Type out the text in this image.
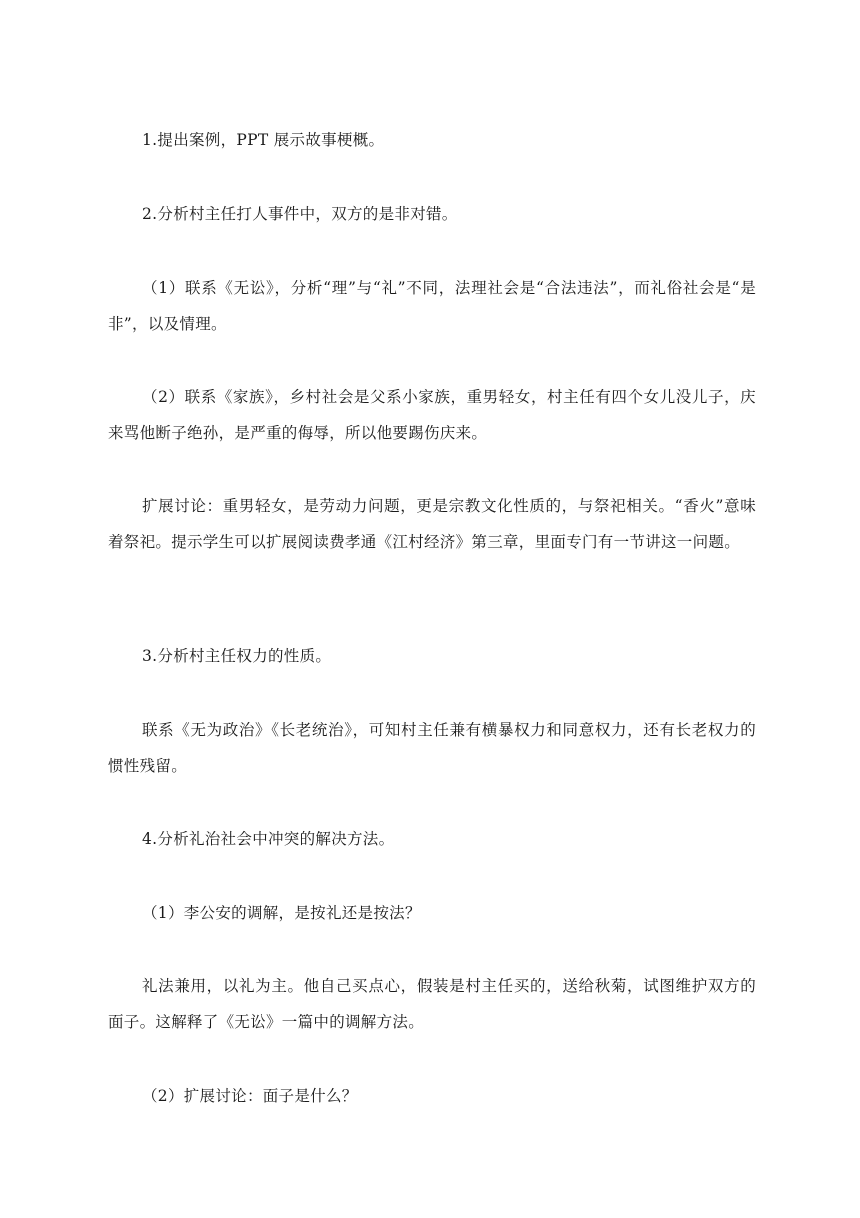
1.提出案例，PPT 展示故事梗概。

2.分析村主任打人事件中，双方的是非对错。

（1）联系《无讼》，分析“理”与“礼”不同，法理社会是“合法违法”，而礼俗社会是“是非”，以及情理。

（2）联系《家族》，乡村社会是父系小家族，重男轻女，村主任有四个女儿没儿子，庆来骂他断子绝孙，是严重的侮辱，所以他要踢伤庆来。

扩展讨论：重男轻女，是劳动力问题，更是宗教文化性质的，与祭祀相关。“香火”意味着祭祀。提示学生可以扩展阅读费孝通《江村经济》第三章，里面专门有一节讲这一问题。

3.分析村主任权力的性质。

联系《无为政治》《长老统治》，可知村主任兼有横暴权力和同意权力，还有长老权力的惯性残留。

4.分析礼治社会中冲突的解决方法。

（1）李公安的调解，是按礼还是按法？

礼法兼用，以礼为主。他自己买点心，假装是村主任买的，送给秋菊，试图维护双方的面子。这解释了《无讼》一篇中的调解方法。

（2）扩展讨论：面子是什么？
